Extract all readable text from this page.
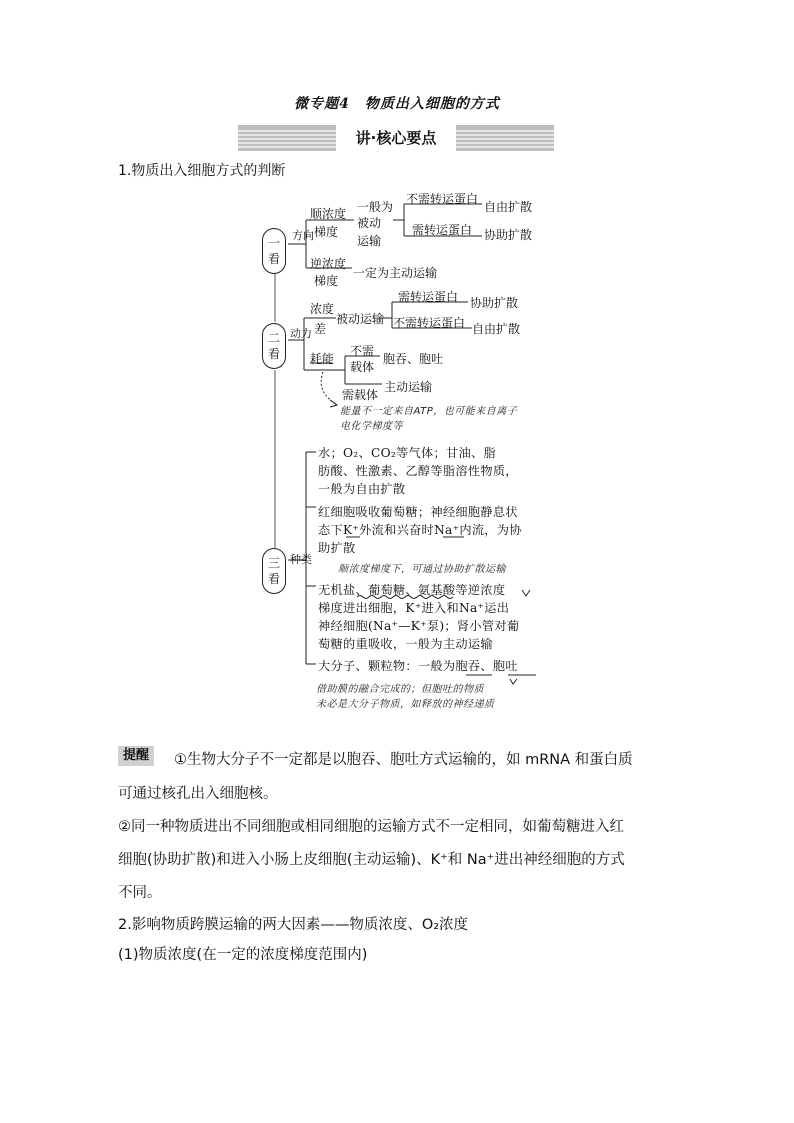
微专题4　物质出入细胞的方式
讲·核心要点
1.物质出入细胞方式的判断
一看
方向
顺浓度
梯度
一般为
被动
运输
不需转运蛋白
自由扩散
需转运蛋白 协助扩散
逆浓度
梯度
一定为主动运输
二看
动力
浓度
差
被动运输
需转运蛋白 协助扩散
不需转运蛋白 自由扩散
耗能
不需
载体
胞吞、胞吐
需载体
主动运输
能量不一定来自ATP，也可能来自离子
电化学梯度等
三看
种类
水；O₂、CO₂等气体；甘油、脂
肪酸、性激素、乙醇等脂溶性物质，
一般为自由扩散
红细胞吸收葡萄糖；神经细胞静息状
态下K⁺外流和兴奋时Na⁺内流，为协
助扩散
顺浓度梯度下，可通过协助扩散运输
无机盐、葡萄糖、氨基酸等逆浓度
梯度进出细胞，K⁺进入和Na⁺运出
神经细胞(Na⁺—K⁺泵)；肾小管对葡
萄糖的重吸收，一般为主动运输
大分子、颗粒物：一般为胞吞、胞吐
借助膜的融合完成的；但胞吐的物质
未必是大分子物质，如释放的神经递质
提醒	①生物大分子不一定都是以胞吞、胞吐方式运输的，如 mRNA 和蛋白质
可通过核孔出入细胞核。
②同一种物质进出不同细胞或相同细胞的运输方式不一定相同，如葡萄糖进入红
细胞(协助扩散)和进入小肠上皮细胞(主动运输)、K⁺和 Na⁺进出神经细胞的方式
不同。
2.影响物质跨膜运输的两大因素——物质浓度、O₂浓度
(1)物质浓度(在一定的浓度梯度范围内)
